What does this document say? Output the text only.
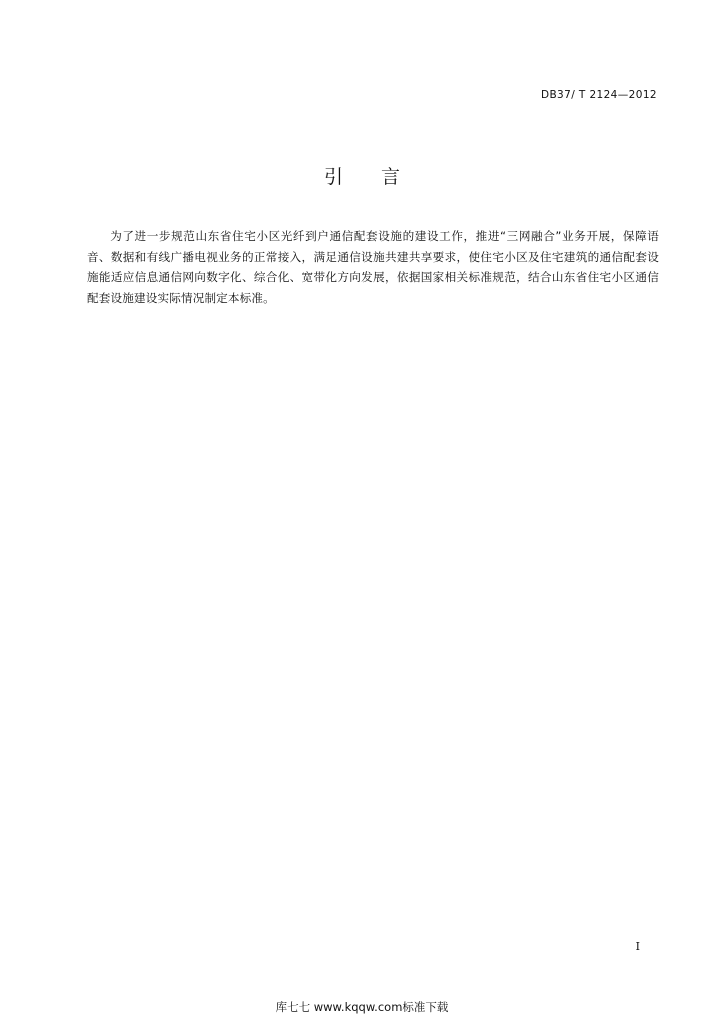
DB37/ T 2124—2012
引 言

为了进一步规范山东省住宅小区光纤到户通信配套设施的建设工作，推进“三网融合”业务开展，保障语音、数据和有线广播电视业务的正常接入，满足通信设施共建共享要求，使住宅小区及住宅建筑的通信配套设施能适应信息通信网向数字化、综合化、宽带化方向发展，依据国家相关标准规范，结合山东省住宅小区通信配套设施建设实际情况制定本标准。

I
库七七 www.kqqw.com标准下载
